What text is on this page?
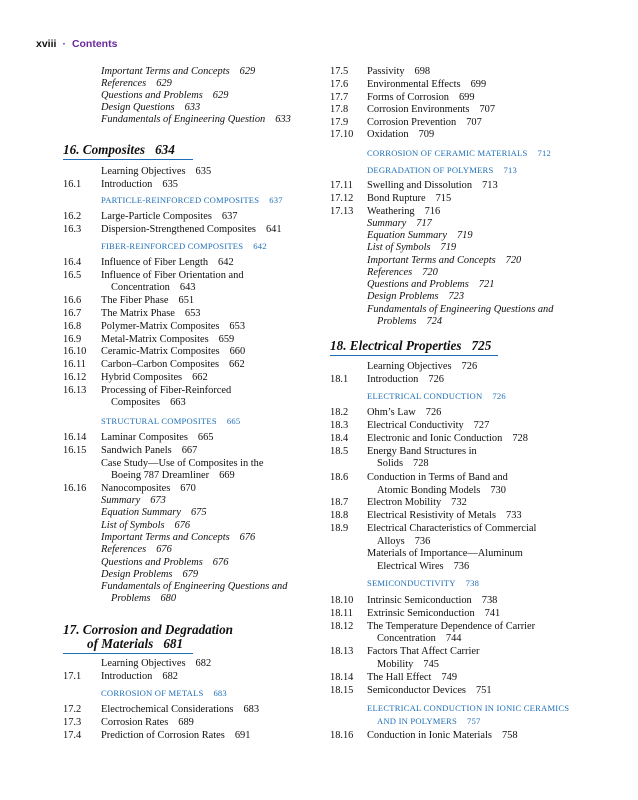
xviii · Contents
Important Terms and Concepts 629
References 629
Questions and Problems 629
Design Questions 633
Fundamentals of Engineering Question 633
16. Composites 634
Learning Objectives 635
16.1 Introduction 635
PARTICLE-REINFORCED COMPOSITES 637
16.2 Large-Particle Composites 637
16.3 Dispersion-Strengthened Composites 641
FIBER-REINFORCED COMPOSITES 642
16.4 Influence of Fiber Length 642
16.5 Influence of Fiber Orientation and
Concentration 643
16.6 The Fiber Phase 651
16.7 The Matrix Phase 653
16.8 Polymer-Matrix Composites 653
16.9 Metal-Matrix Composites 659
16.10 Ceramic-Matrix Composites 660
16.11 Carbon–Carbon Composites 662
16.12 Hybrid Composites 662
16.13 Processing of Fiber-Reinforced
Composites 663
STRUCTURAL COMPOSITES 665
16.14 Laminar Composites 665
16.15 Sandwich Panels 667
Case Study—Use of Composites in the
Boeing 787 Dreamliner 669
16.16 Nanocomposites 670
Summary 673
Equation Summary 675
List of Symbols 676
Important Terms and Concepts 676
References 676
Questions and Problems 676
Design Problems 679
Fundamentals of Engineering Questions and
Problems 680
17. Corrosion and Degradation
of Materials 681
Learning Objectives 682
17.1 Introduction 682
CORROSION OF METALS 683
17.2 Electrochemical Considerations 683
17.3 Corrosion Rates 689
17.4 Prediction of Corrosion Rates 691
17.5 Passivity 698
17.6 Environmental Effects 699
17.7 Forms of Corrosion 699
17.8 Corrosion Environments 707
17.9 Corrosion Prevention 707
17.10 Oxidation 709
CORROSION OF CERAMIC MATERIALS 712
DEGRADATION OF POLYMERS 713
17.11 Swelling and Dissolution 713
17.12 Bond Rupture 715
17.13 Weathering 716
Summary 717
Equation Summary 719
List of Symbols 719
Important Terms and Concepts 720
References 720
Questions and Problems 721
Design Problems 723
Fundamentals of Engineering Questions and
Problems 724
18. Electrical Properties 725
Learning Objectives 726
18.1 Introduction 726
ELECTRICAL CONDUCTION 726
18.2 Ohm’s Law 726
18.3 Electrical Conductivity 727
18.4 Electronic and Ionic Conduction 728
18.5 Energy Band Structures in
Solids 728
18.6 Conduction in Terms of Band and
Atomic Bonding Models 730
18.7 Electron Mobility 732
18.8 Electrical Resistivity of Metals 733
18.9 Electrical Characteristics of Commercial
Alloys 736
Materials of Importance—Aluminum
Electrical Wires 736
SEMICONDUCTIVITY 738
18.10 Intrinsic Semiconduction 738
18.11 Extrinsic Semiconduction 741
18.12 The Temperature Dependence of Carrier
Concentration 744
18.13 Factors That Affect Carrier
Mobility 745
18.14 The Hall Effect 749
18.15 Semiconductor Devices 751
ELECTRICAL CONDUCTION IN IONIC CERAMICS
AND IN POLYMERS 757
18.16 Conduction in Ionic Materials 758
